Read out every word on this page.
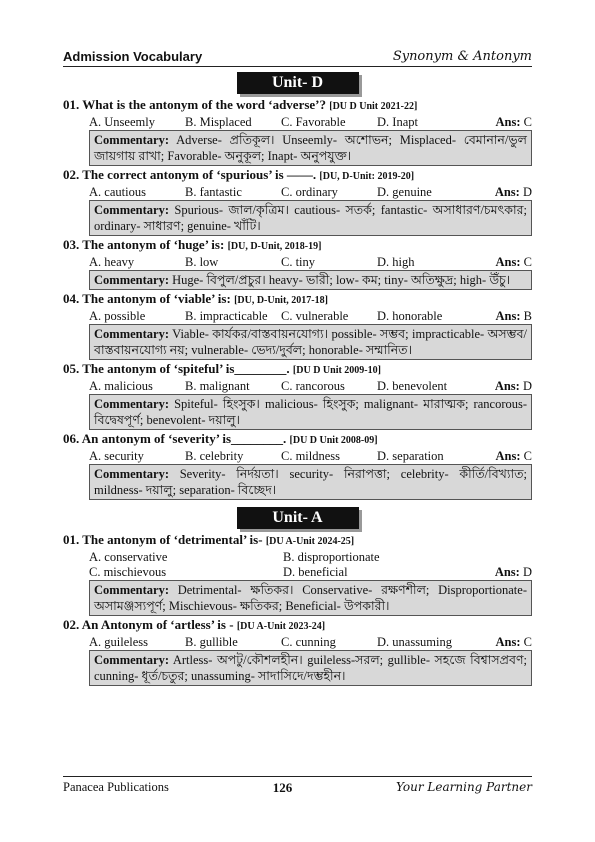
Admission Vocabulary	Synonym & Antonym
Unit- D
01. What is the antonym of the word ‘adverse’? [DU D Unit 2021-22]
A. Unseemly	B. Misplaced	C. Favorable	D. Inapt	Ans: C
Commentary: Adverse- প্রতিকূল। Unseemly- অশোভন; Misplaced- বেমানান/ভুল জায়গায় রাখা; Favorable- অনুকূল; Inapt- অনুপযুক্ত।
02. The correct antonym of ‘spurious’ is ——. [DU, D-Unit: 2019-20]
A. cautious	B. fantastic	C. ordinary	D. genuine	Ans: D
Commentary: Spurious- জাল/কৃত্রিম। cautious- সতর্ক; fantastic- অসাধারণ/চমৎকার; ordinary- সাধারণ; genuine- খাঁটি।
03. The antonym of ‘huge’ is: [DU, D-Unit, 2018-19]
A. heavy	B. low	C. tiny	D. high	Ans: C
Commentary: Huge- বিপুল/প্রচুর। heavy- ভারী; low- কম; tiny- অতিক্ষুদ্র; high- উঁচু।
04. The antonym of ‘viable’ is: [DU, D-Unit, 2017-18]
A. possible	B. impracticable	C. vulnerable	D. honorable	Ans: B
Commentary: Viable- কার্যকর/বাস্তবায়নযোগ্য। possible- সম্ভব; impracticable- অসম্ভব/বাস্তবায়নযোগ্য নয়; vulnerable- ভেদ্য/দুর্বল; honorable- সম্মানিত।
05. The antonym of ‘spiteful’ is________. [DU D Unit 2009-10]
A. malicious	B. malignant	C. rancorous	D. benevolent	Ans: D
Commentary: Spiteful- হিংসুক। malicious- হিংসুক; malignant- মারাত্মক; rancorous- বিদ্বেষপূর্ণ; benevolent- দয়ালু।
06. An antonym of ‘severity’ is________. [DU D Unit 2008-09]
A. security	B. celebrity	C. mildness	D. separation	Ans: C
Commentary: Severity- নির্দয়তা। security- নিরাপত্তা; celebrity- কীর্তি/বিখ্যাত; mildness- দয়ালু; separation- বিচ্ছেদ।
Unit- A
01. The antonym of ‘detrimental’ is- [DU A-Unit 2024-25]
A. conservative	B. disproportionate
C. mischievous	D. beneficial	Ans: D
Commentary: Detrimental- ক্ষতিকর। Conservative- রক্ষণশীল; Disproportionate- অসামঞ্জস্যপূর্ণ; Mischievous- ক্ষতিকর; Beneficial- উপকারী।
02. An Antonym of ‘artless’ is - [DU A-Unit 2023-24]
A. guileless	B. gullible	C. cunning	D. unassuming	Ans: C
Commentary: Artless- অপটু/কৌশলহীন। guileless-সরল; gullible- সহজে বিশ্বাসপ্রবণ; cunning- ধূর্ত/চতুর; unassuming- সাদাসিদে/দম্ভহীন।
Panacea Publications	126	Your Learning Partner
